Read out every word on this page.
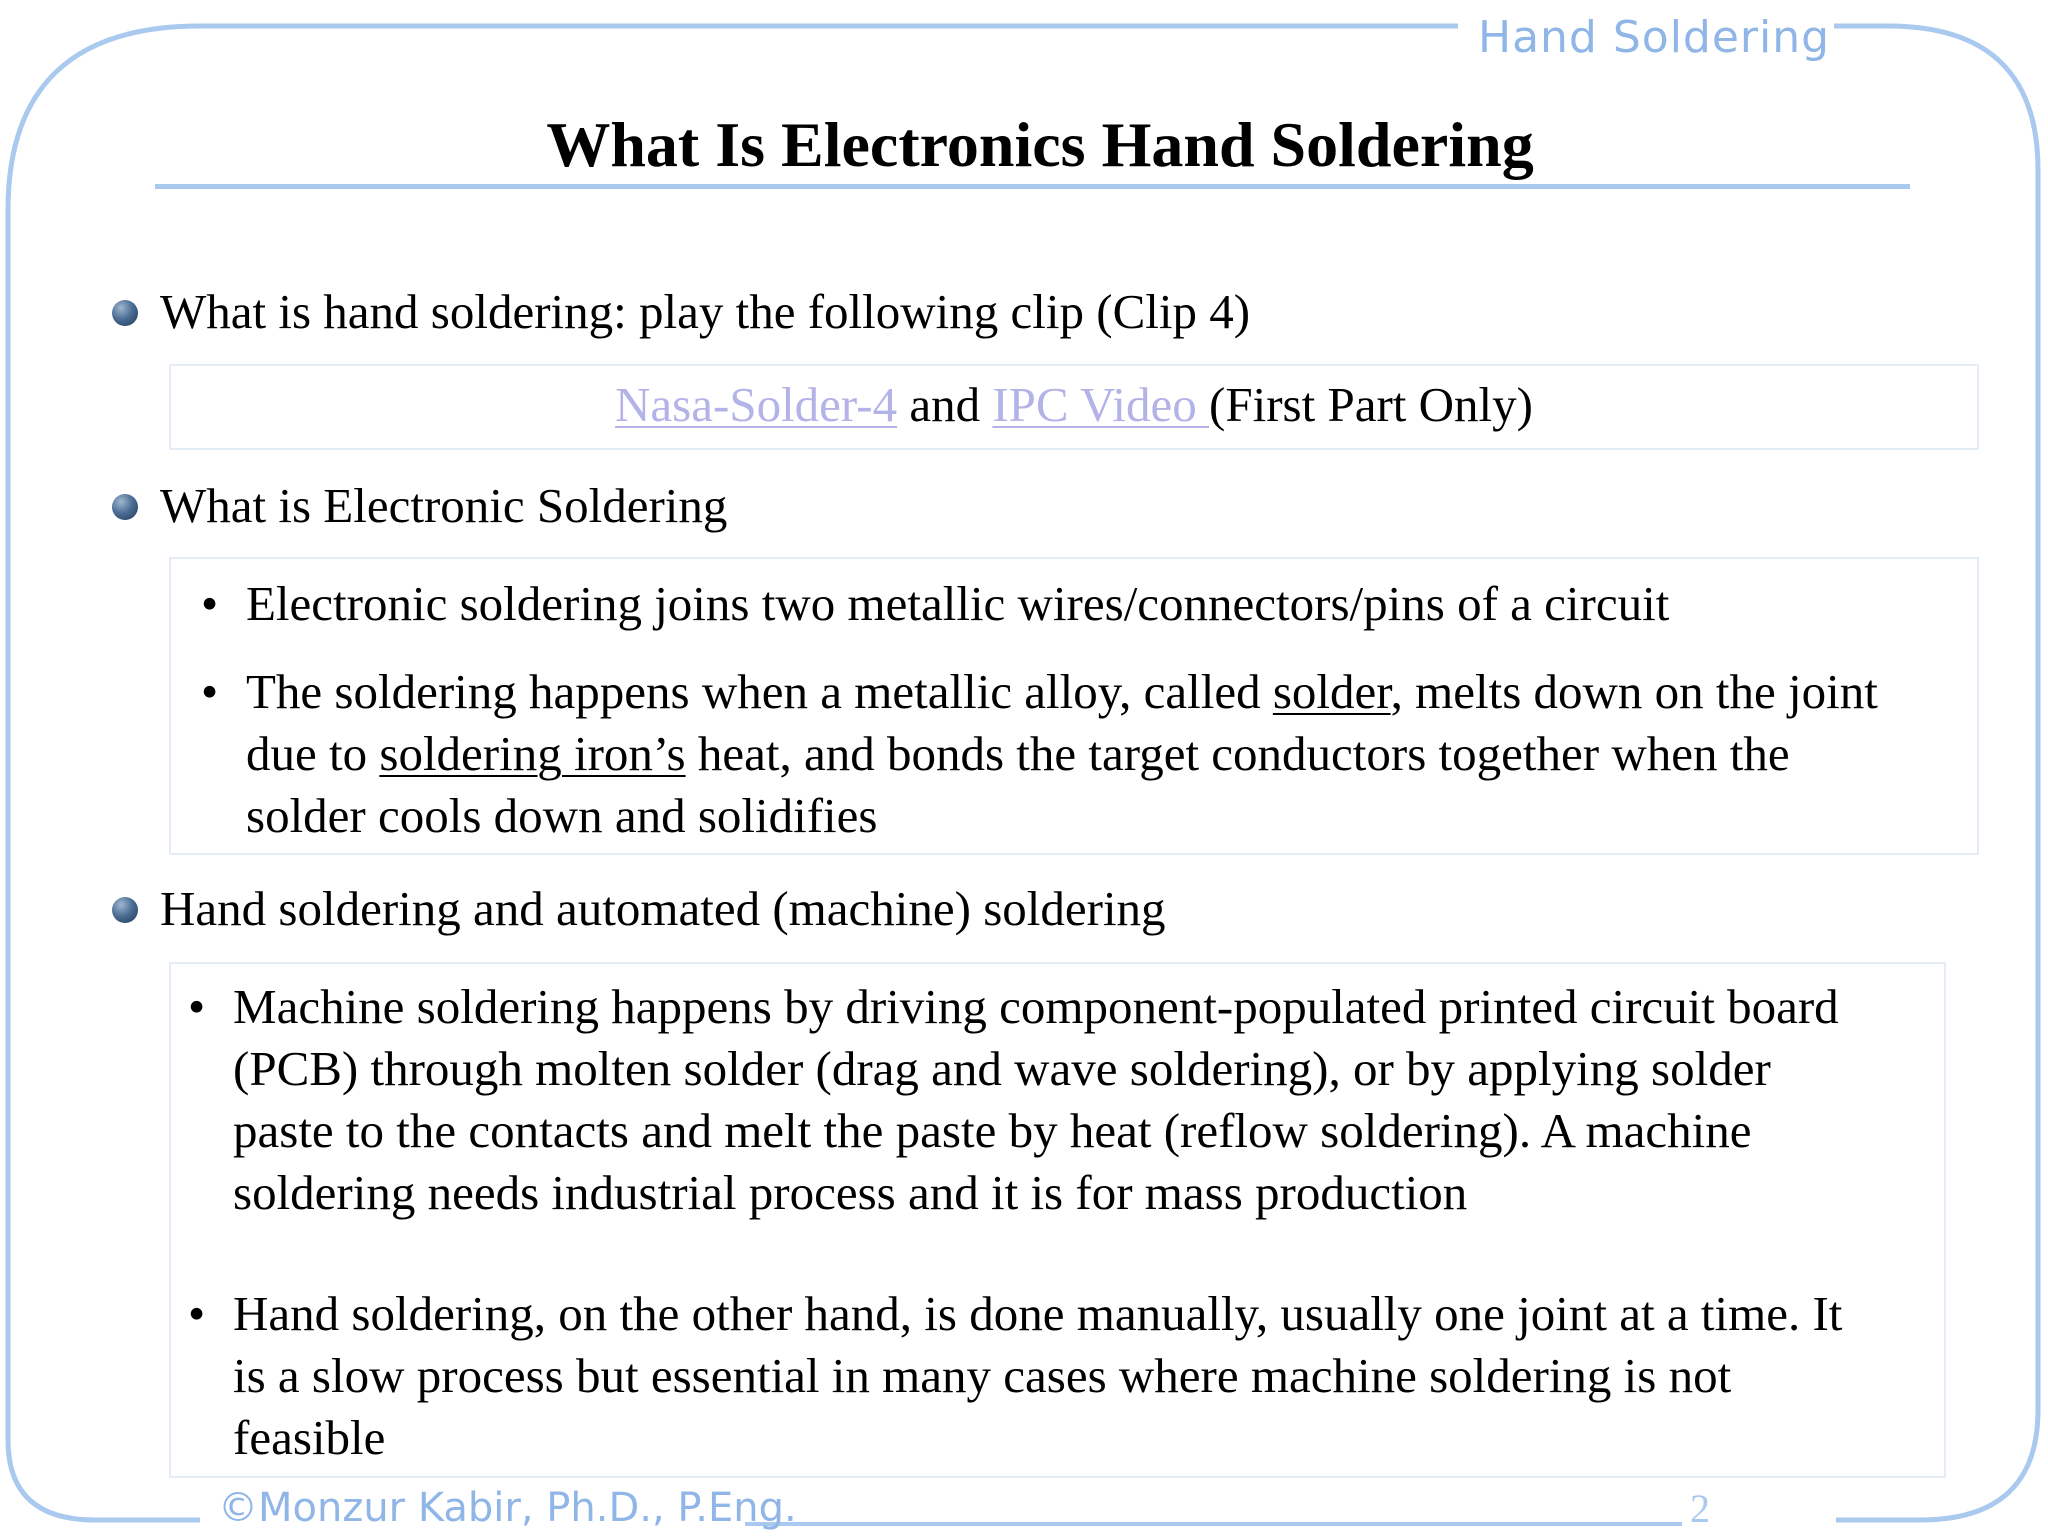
Hand Soldering
What Is Electronics Hand Soldering
What is hand soldering: play the following clip (Clip 4)
Nasa-Solder-4 and IPC Video (First Part Only)
What is Electronic Soldering
• Electronic soldering joins two metallic wires/connectors/pins of a circuit
• The soldering happens when a metallic alloy, called solder, melts down on the joint
due to soldering iron’s heat, and bonds the target conductors together when the
solder cools down and solidifies
Hand soldering and automated (machine) soldering
• Machine soldering happens by driving component-populated printed circuit board
(PCB) through molten solder (drag and wave soldering), or by applying solder
paste to the contacts and melt the paste by heat (reflow soldering). A machine
soldering needs industrial process and it is for mass production
• Hand soldering, on the other hand, is done manually, usually one joint at a time. It
is a slow process but essential in many cases where machine soldering is not
feasible
©Monzur Kabir, Ph.D., P.Eng.	2
